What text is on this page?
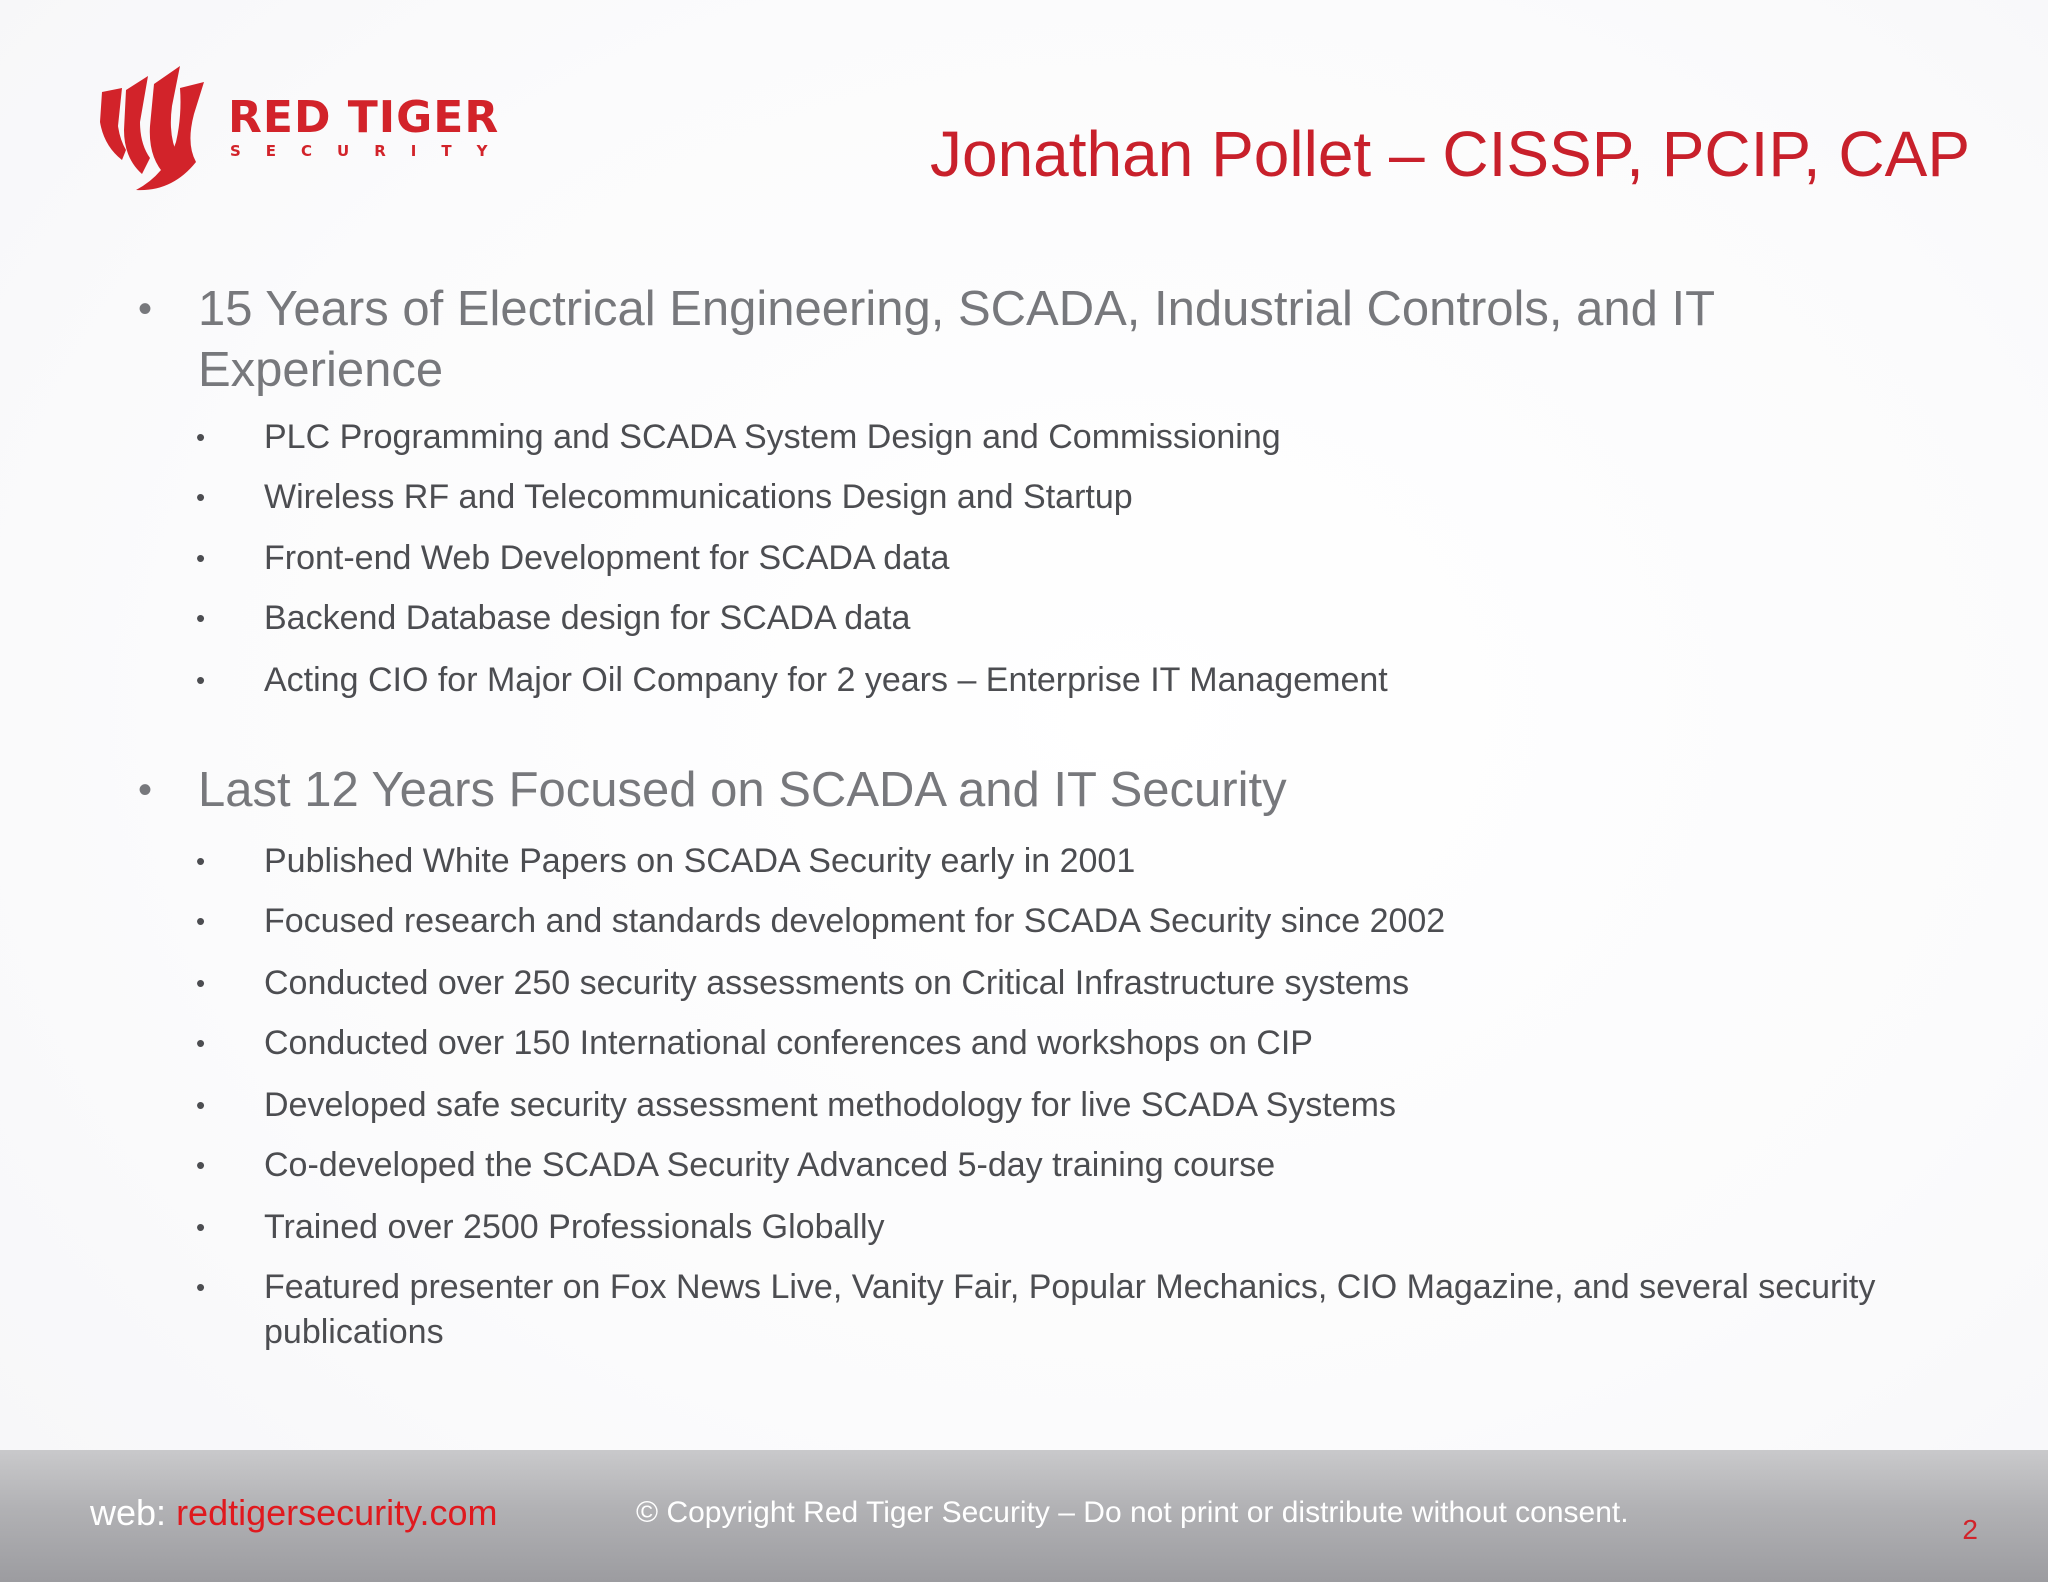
RED TIGER
SECURITY	Jonathan Pollet – CISSP, PCIP, CAP
• 15 Years of Electrical Engineering, SCADA, Industrial Controls, and IT Experience
• PLC Programming and SCADA System Design and Commissioning
• Wireless RF and Telecommunications Design and Startup
• Front-end Web Development for SCADA data
• Backend Database design for SCADA data
• Acting CIO for Major Oil Company for 2 years – Enterprise IT Management
• Last 12 Years Focused on SCADA and IT Security
• Published White Papers on SCADA Security early in 2001
• Focused research and standards development for SCADA Security since 2002
• Conducted over 250 security assessments on Critical Infrastructure systems
• Conducted over 150 International conferences and workshops on CIP
• Developed safe security assessment methodology for live SCADA Systems
• Co-developed the SCADA Security Advanced 5-day training course
• Trained over 2500 Professionals Globally
• Featured presenter on Fox News Live, Vanity Fair, Popular Mechanics, CIO Magazine, and several security publications
web: redtigersecurity.com	© Copyright Red Tiger Security – Do not print or distribute without consent.
2
